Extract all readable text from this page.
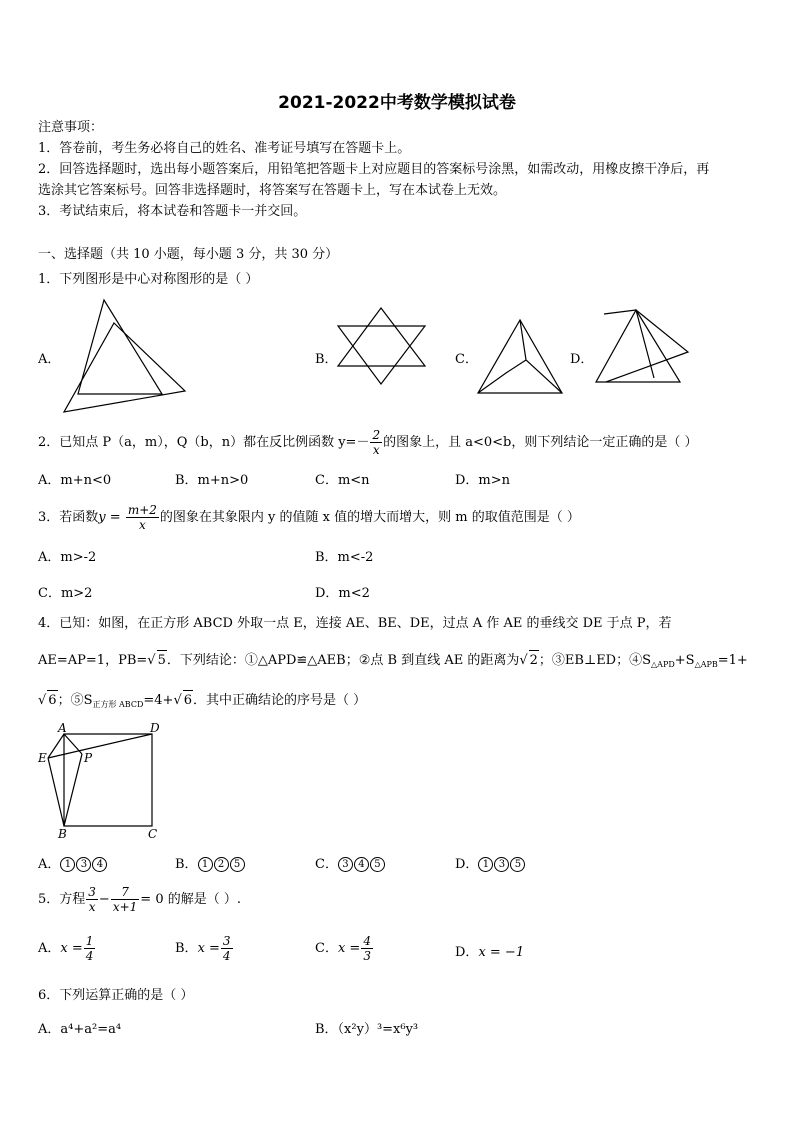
2021-2022中考数学模拟试卷
注意事项：
1．答卷前，考生务必将自己的姓名、准考证号填写在答题卡上。
2．回答选择题时，选出每小题答案后，用铅笔把答题卡上对应题目的答案标号涂黑，如需改动，用橡皮擦干净后，再
选涂其它答案标号。回答非选择题时，将答案写在答题卡上，写在本试卷上无效。
3．考试结束后，将本试卷和答题卡一并交回。
一、选择题（共 10 小题，每小题 3 分，共 30 分）
1．下列图形是中心对称图形的是（ ）
A．	B．	C．	D．
2．已知点 P（a，m），Q（b，n）都在反比例函数 $y=- \frac{2}{x}$ 的图象上，且 a<0<b，则下列结论一定正确的是（ ）
A．m+n<0	B．m+n>0	C．m<n	D．m>n
3．若函数$y = \frac{m+2}{x}$ 的图象在其象限内 y 的值随 x 值的增大而增大，则 m 的取值范围是（ ）
A．m>-2	B．m<-2
C．m>2	D．m<2
4．已知：如图，在正方形 ABCD 外取一点 E，连接 AE、BE、DE，过点 A 作 AE 的垂线交 DE 于点 P，若
AE=AP=1，PB=√ 5．下列结论：①△APD≌△AEB；②点 B 到直线 AE 的距离为√ 2；③EB⊥ED；$④S_{\triangle APD}+S_{\triangle APB}=1+$
√ 6；$⑤S_{正方形 ABCD}=4+√$ 6．其中正确结论的序号是（ ）
A	D
E	P
B	C
A． 1 3 4	B． 1 2 5	C． 3 4 5	D． 1 3 5
5．方程 $\frac{3}{x} - \frac{7}{x+1} = 0$ 的解是（ ）.
A．$x = \frac{1}{4}$	B．$x = \frac{3}{4}$	C．$x = \frac{4}{3}$	D．x = −1
6．下列运算正确的是（ ）
A．a⁴+a²=a⁴	B．（x²y）³=x⁶y³
